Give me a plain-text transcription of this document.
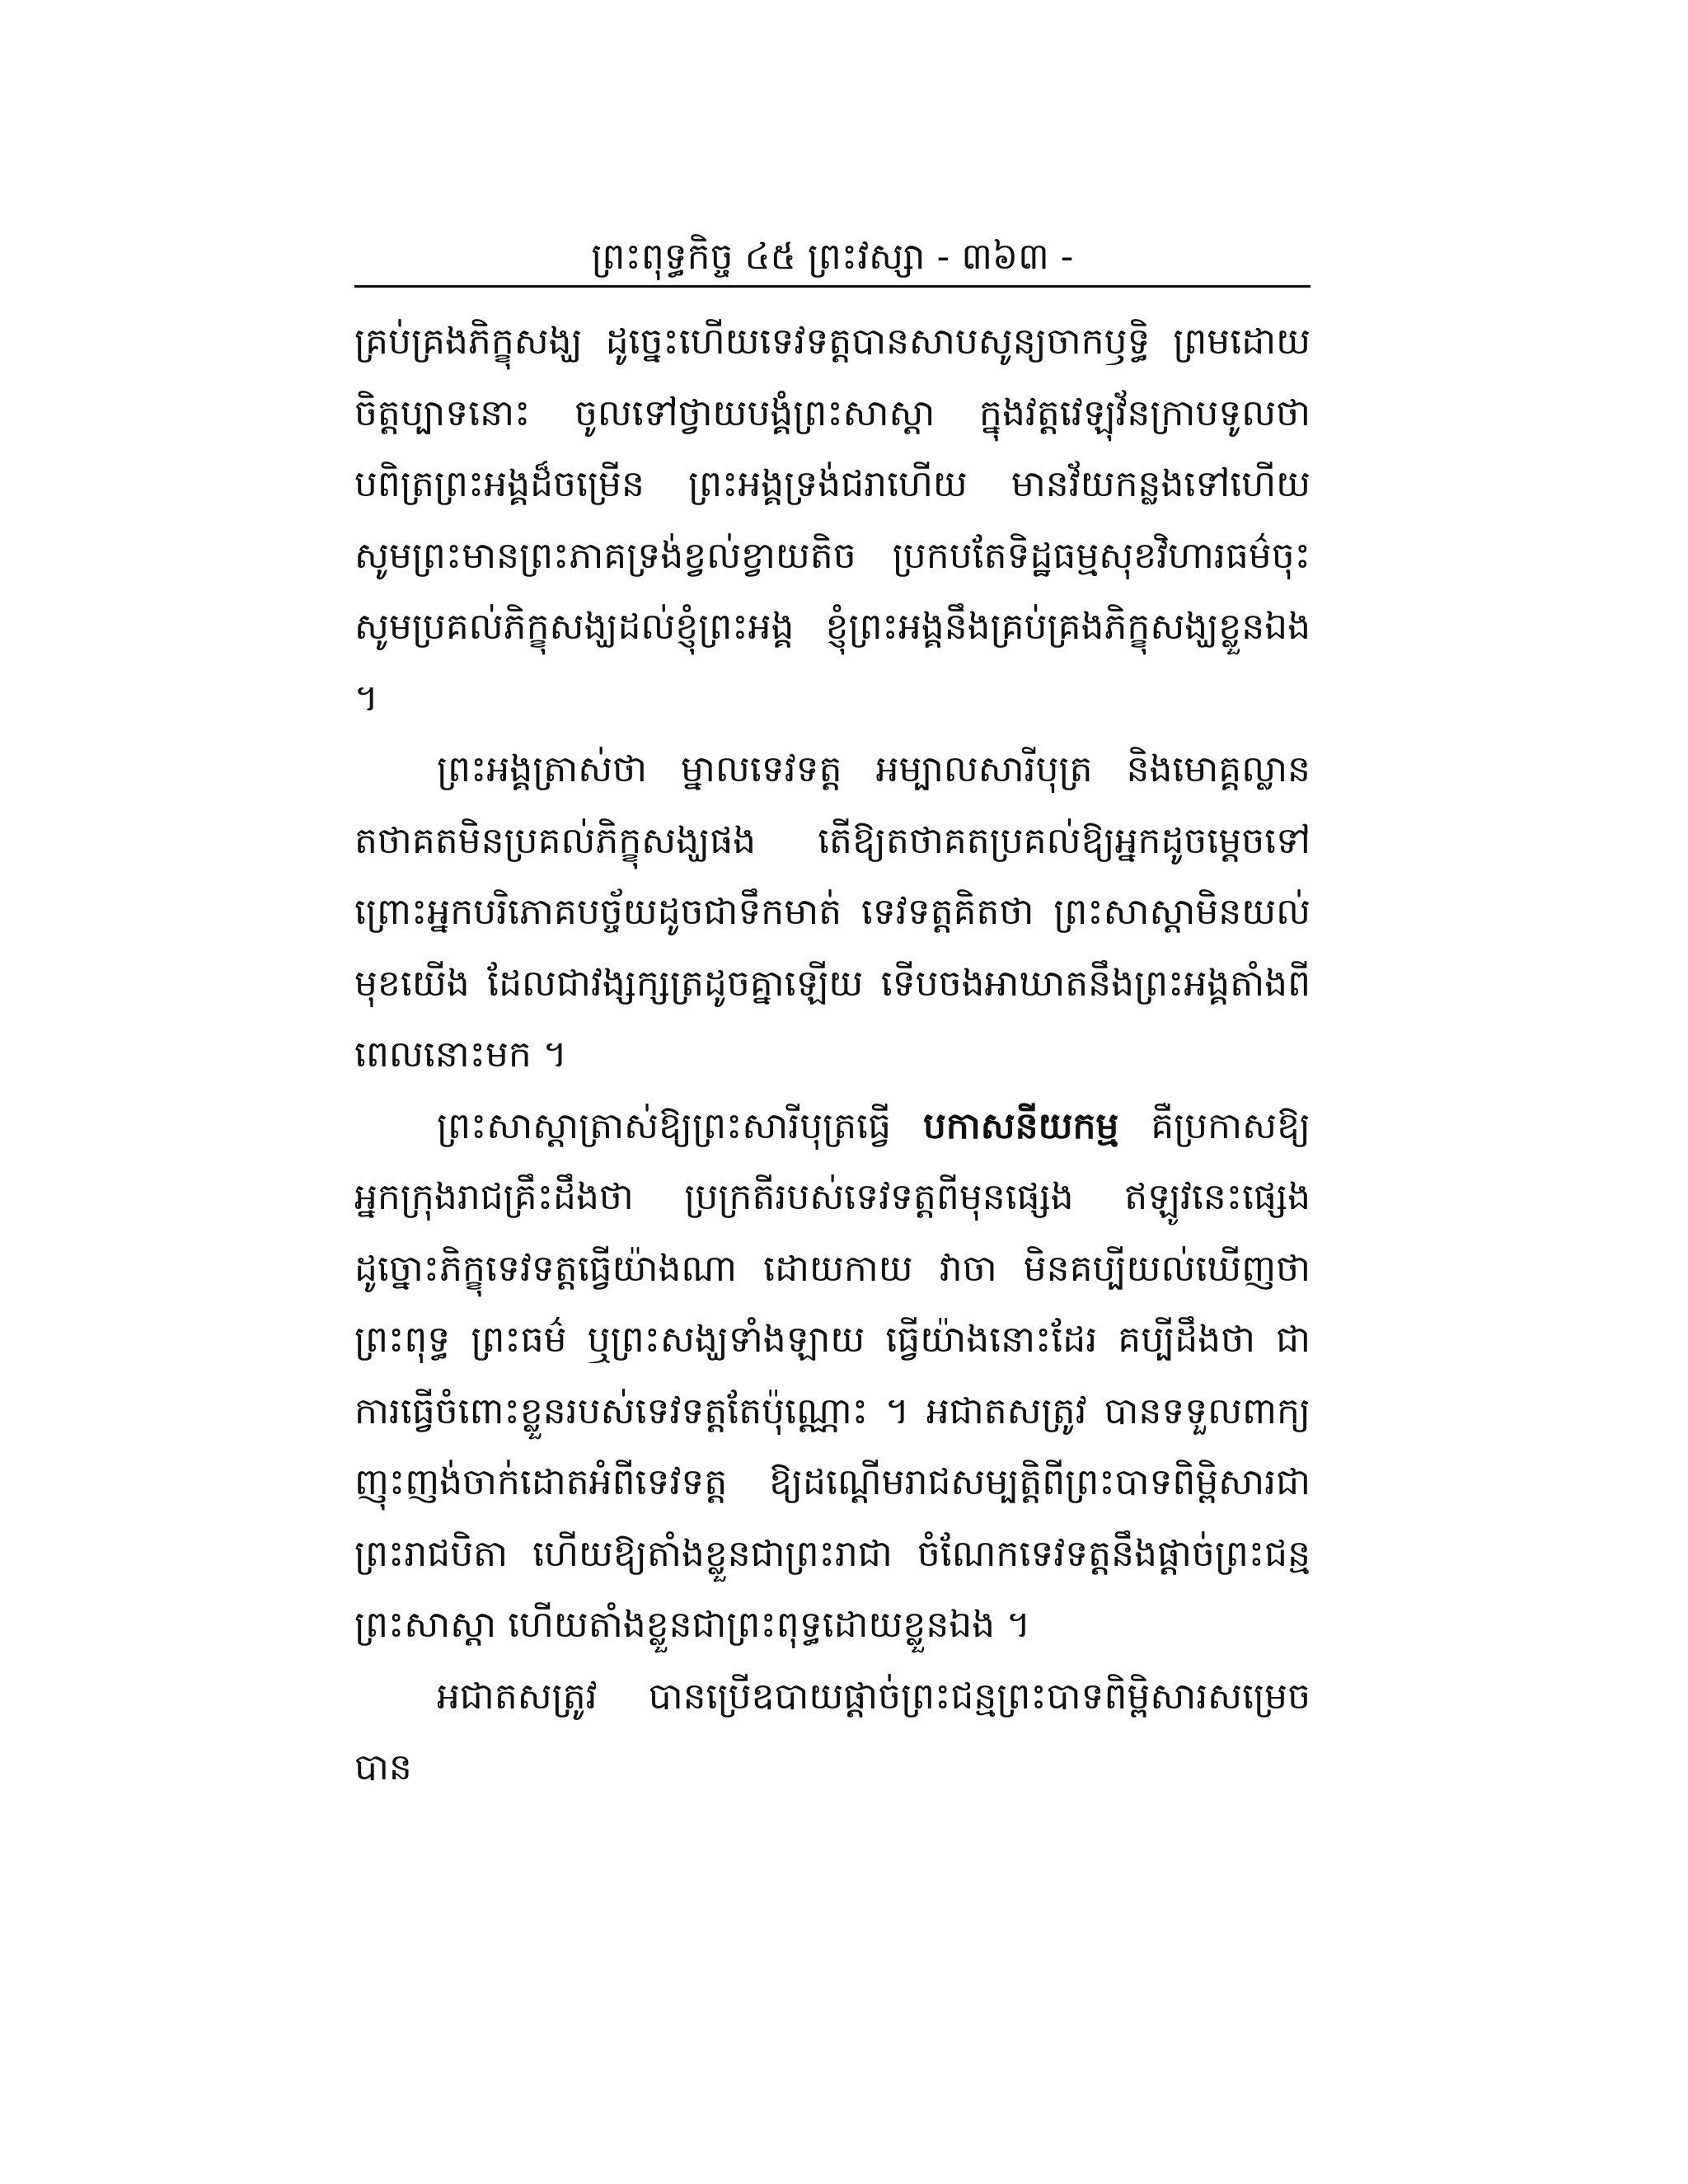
ព្រះពុទ្ធកិច្ច ៤៥ ព្រះវស្សា - ៣៦៣ -

គ្រប់គ្រងភិក្ខុសង្ឃ ដូច្នេះហើយទេវទត្តបានសាបសូន្យចាកឫទ្ធិ ព្រមដោយចិត្តប្បាទនោះ ចូលទៅថ្វាយបង្គំព្រះសាស្ដា ក្នុងវត្តវេឡុវ័នក្រាបទូលថា បពិត្រព្រះអង្គដ៏ចម្រើន ព្រះអង្គទ្រង់ជរាហើយ មានវ័យកន្លងទៅហើយ សូមព្រះមានព្រះភាគទ្រង់ខ្វល់ខ្វាយតិច ប្រកបតែទិដ្ឋធម្មសុខវិហារធម៌ចុះ សូមប្រគល់ភិក្ខុសង្ឃដល់ខ្ញុំព្រះអង្គ ខ្ញុំព្រះអង្គនឹងគ្រប់គ្រងភិក្ខុសង្ឃខ្លួនឯង ។

ព្រះអង្គត្រាស់ថា ម្នាលទេវទត្ត អម្បាលសារីបុត្រ និងមោគ្គល្លាន តថាគតមិនប្រគល់ភិក្ខុសង្ឃផង តើឱ្យតថាគតប្រគល់ឱ្យអ្នកដូចម្ដេចទៅ ព្រោះអ្នកបរិភោគបច្ច័យដូចជាទឹកមាត់ ទេវទត្តគិតថា ព្រះសាស្ដាមិនយល់មុខយើង ដែលជាវង្សក្សត្រដូចគ្នាឡើយ ទើបចងអាឃាតនឹងព្រះអង្គតាំងពីពេលនោះមក ។

ព្រះសាស្ដាត្រាស់ឱ្យព្រះសារីបុត្រធ្វើ បកាសនីយកម្ម គឺប្រកាសឱ្យអ្នកក្រុងរាជគ្រឹះដឹងថា ប្រក្រតីរបស់ទេវទត្តពីមុនផ្សេង ឥឡូវនេះផ្សេង ដូច្នោះភិក្ខុទេវទត្តធ្វើយ៉ាងណា ដោយកាយ វាចា មិនគប្បីយល់ឃើញថា ព្រះពុទ្ធ ព្រះធម៌ ឬព្រះសង្ឃទាំងឡាយ ធ្វើយ៉ាងនោះដែរ គប្បីដឹងថា ជាការធ្វើចំពោះខ្លួនរបស់ទេវទត្តតែប៉ុណ្ណោះ ។ អជាតសត្រូវ បានទទួលពាក្យញុះញង់ចាក់ដោតអំពីទេវទត្ត ឱ្យដណ្ដើមរាជសម្បត្តិពីព្រះបាទពិម្ពិសារជាព្រះរាជបិតា ហើយឱ្យតាំងខ្លួនជាព្រះរាជា ចំណែកទេវទត្តនឹងផ្ដាច់ព្រះជន្មព្រះសាស្ដា ហើយតាំងខ្លួនជាព្រះពុទ្ធដោយខ្លួនឯង ។

អជាតសត្រូវ បានប្រើឧបាយផ្ដាច់ព្រះជន្មព្រះបាទពិម្ពិសារសម្រេច បាន
